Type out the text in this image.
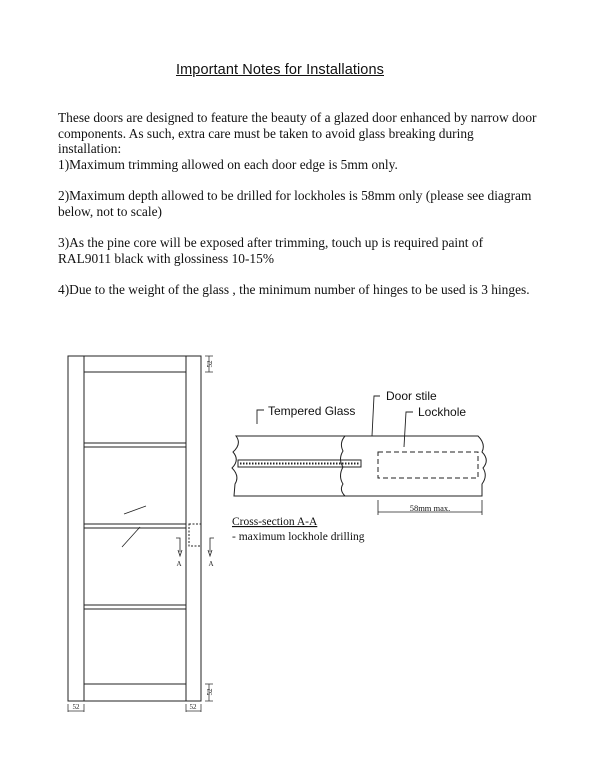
Important Notes for Installations

These doors are designed to feature the beauty of a glazed door enhanced by narrow door components. As such, extra care must be taken to avoid glass breaking during installation:

1)Maximum trimming allowed on each door edge is 5mm only.

2)Maximum depth allowed to be drilled for lockholes is 58mm only (please see diagram below, not to scale)

3)As the pine core will be exposed after trimming, touch up is required paint of RAL9011 black with glossiness 10-15%

4)Due to the weight of the glass , the minimum number of hinges to be used is 3 hinges.

52
52
52	52
A	A
Tempered Glass
Door stile
Lockhole
58mm max.
Cross-section A-A
- maximum lockhole drilling
